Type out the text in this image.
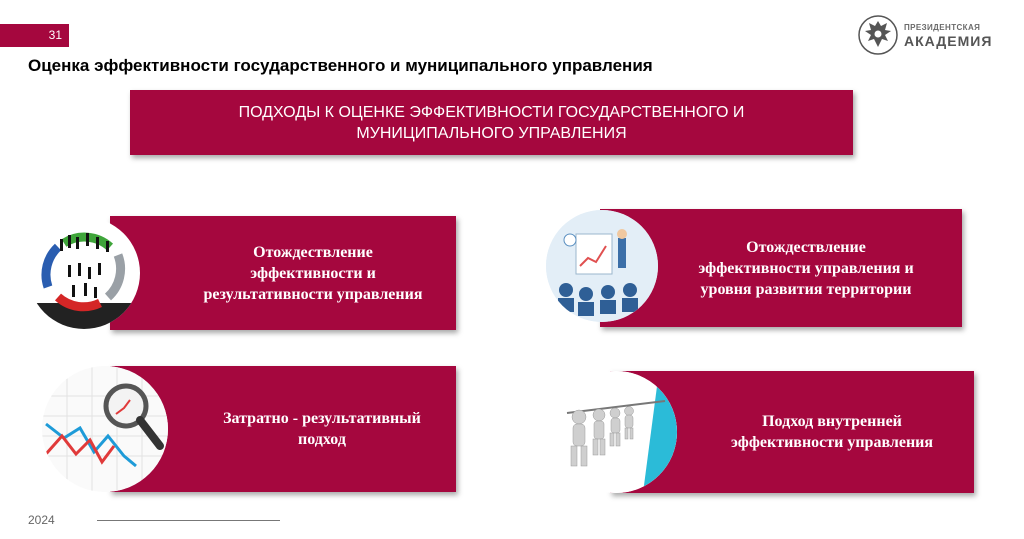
31
ПРЕЗИДЕНТСКАЯ
АКАДЕМИЯ
Оценка эффективности государственного и муниципального управления
ПОДХОДЫ К ОЦЕНКЕ ЭФФЕКТИВНОСТИ ГОСУДАРСТВЕННОГО И
МУНИЦИПАЛЬНОГО УПРАВЛЕНИЯ
Отождествление
эффективности и
результативности управления
Отождествление
эффективности управления и
уровня развития территории
Затратно - результативный
подход
Подход внутренней
эффективности управления
2024
